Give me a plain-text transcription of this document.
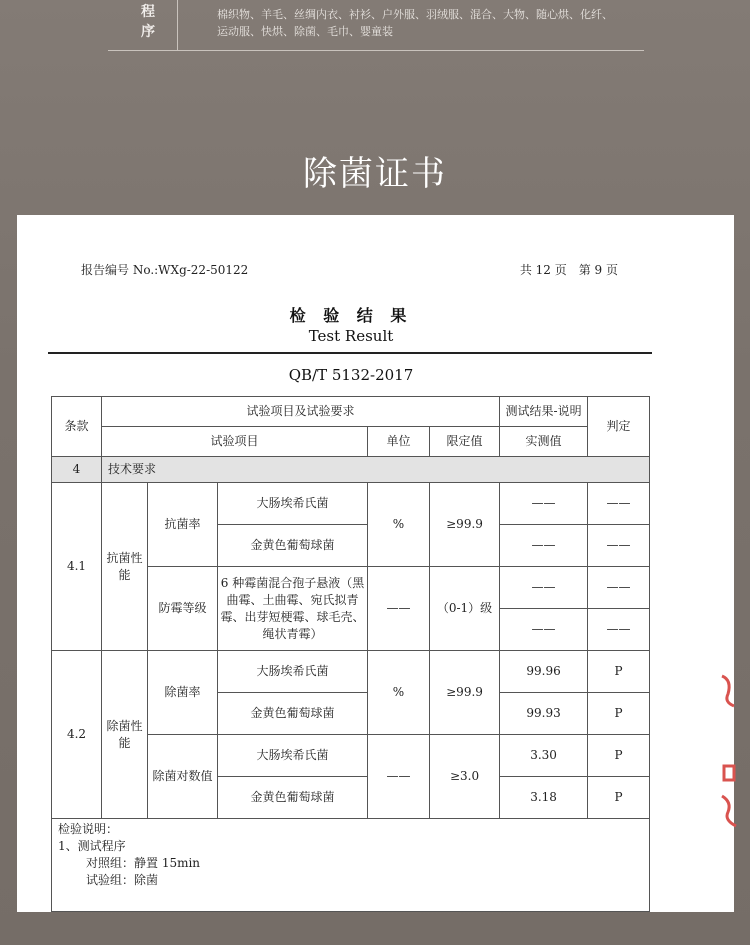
程序

棉织物、羊毛、丝绸内衣、衬衫、户外服、羽绒服、混合、大物、随心烘、化纤、运动服、快烘、除菌、毛巾、婴童装

除菌证书
报告编号 No.:WXg-22-50122	共 12 页　第 9 页
检 验 结 果
Test Result
QB/T 5132-2017
条款	试验项目及试验要求					测试结果-说明	判定
	试验项目			单位	限定值	实测值	
4	技术要求						
4.1	抗菌性能	抗菌率	大肠埃希氏菌	%	≥99.9	——	——
			金黄色葡萄球菌			——	——
		防霉等级	6 种霉菌混合孢子悬液（黑曲霉、土曲霉、宛氏拟青霉、出芽短梗霉、球毛壳、绳状青霉）	——	（0-1）级	——	——
						——	——
4.2	除菌性能	除菌率	大肠埃希氏菌	%	≥99.9	99.96	P
			金黄色葡萄球菌			99.93	P
		除菌对数值	大肠埃希氏菌	——	≥3.0	3.30	P
			金黄色葡萄球菌			3.18	P

检验说明：
1、测试程序
对照组：静置 15min
试验组：除菌							
